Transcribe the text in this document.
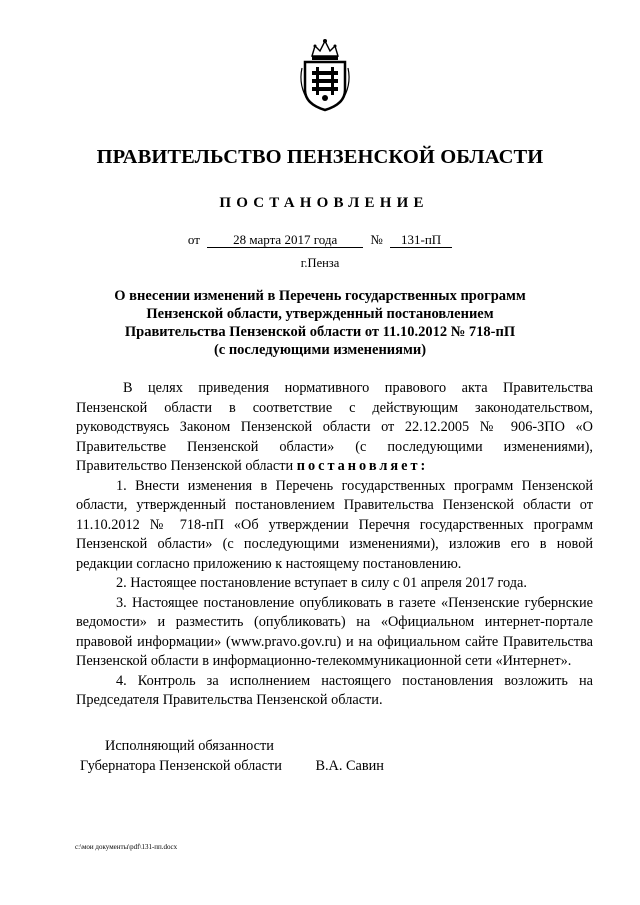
ПРАВИТЕЛЬСТВО ПЕНЗЕНСКОЙ ОБЛАСТИ
ПОСТАНОВЛЕНИЕ
от	28 марта 2017 года	№ 131-пП
г.Пенза
О внесении изменений в Перечень государственных программ
Пензенской области, утвержденный постановлением
Правительства Пензенской области от 11.10.2012 № 718-пП
(с последующими изменениями)

В целях приведения нормативного правового акта Правительства Пензенской области в соответствие с действующим законодательством, руководствуясь Законом Пензенской области от 22.12.2005 № 906-ЗПО «О Правительстве Пензенской области» (с последующими изменениями), Правительство Пензенской области постановляет:

1. Внести изменения в Перечень государственных программ Пензенской области, утвержденный постановлением Правительства Пензенской области от 11.10.2012 № 718-пП «Об утверждении Перечня государственных программ Пензенской области» (с последующими изменениями), изложив его в новой редакции согласно приложению к настоящему постановлению.

2. Настоящее постановление вступает в силу с 01 апреля 2017 года.

3. Настоящее постановление опубликовать в газете «Пензенские губернские ведомости» и разместить (опубликовать) на «Официальном интернет-портале правовой информации» (www.pravo.gov.ru) и на официальном сайте Правительства Пензенской области в информационно-телекоммуникационной сети «Интернет».

4. Контроль за исполнением настоящего постановления возложить на Председателя Правительства Пензенской области.

Исполняющий обязанности
Губернатора Пензенской области В.А. Савин
c:\мои документы\pdf\131-пп.docx
